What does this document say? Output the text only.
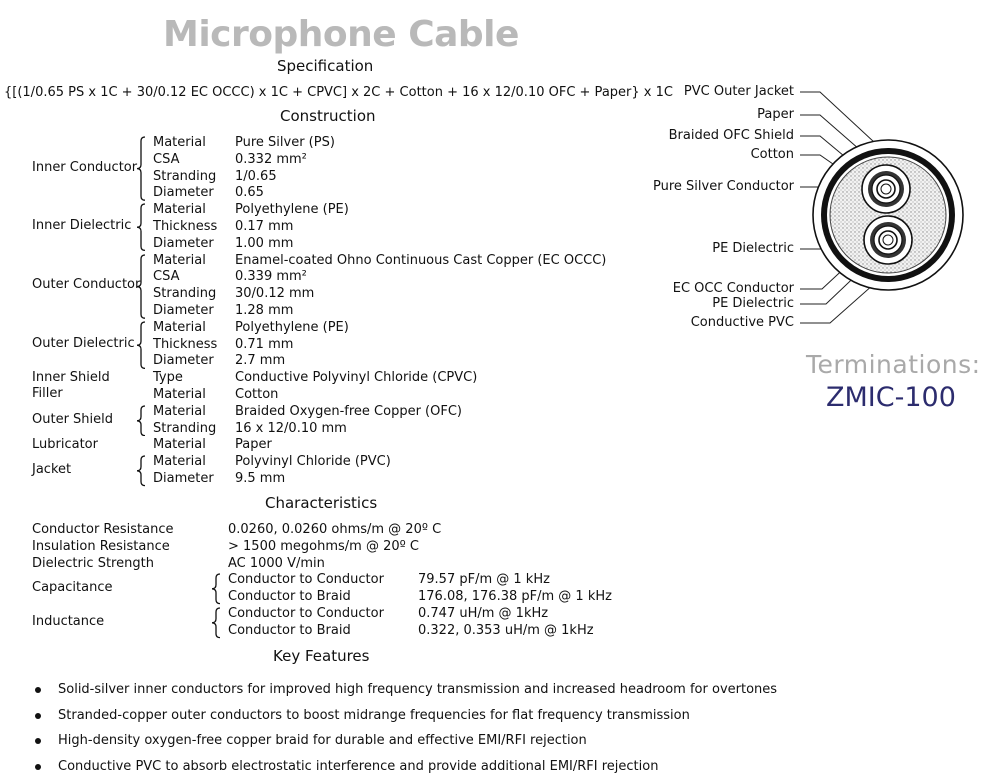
Microphone Cable
Specification
{[(1/0.65 PS x 1C + 30/0.12 EC OCCC) x 1C + CPVC] x 2C + Cotton + 16 x 12/0.10 OFC + Paper} x 1C
Construction
Inner Conductor
Material Pure Silver (PS)
CSA	0.332 mm²
Stranding 1/0.65
Diameter 0.65
Inner Dielectric
Material Polyethylene (PE)
Thickness 0.17 mm
Diameter 1.00 mm
Outer Conductor
Material Enamel-coated Ohno Continuous Cast Copper (EC OCCC)
CSA	0.339 mm²
Stranding 30/0.12 mm
Diameter 1.28 mm
Outer Dielectric
Material Polyethylene (PE)
Thickness 0.71 mm
Diameter 2.7 mm
Inner Shield	Type	Conductive Polyvinyl Chloride (CPVC)
Filler	Material Cotton
Outer Shield
Material Braided Oxygen-free Copper (OFC)
Stranding 16 x 12/0.10 mm
Lubricator	Material Paper
Jacket
Material Polyvinyl Chloride (PVC)
Diameter 9.5 mm
Characteristics
Conductor Resistance	0.0260, 0.0260 ohms/m @ 20º C
Insulation Resistance	> 1500 megohms/m @ 20º C
Dielectric Strength	AC 1000 V/min
Capacitance
Conductor to Conductor	79.57 pF/m @ 1 kHz
Conductor to Braid	176.08, 176.38 pF/m @ 1 kHz
Inductance
Conductor to Conductor	0.747 uH/m @ 1kHz
Conductor to Braid	0.322, 0.353 uH/m @ 1kHz
Key Features
Solid-silver inner conductors for improved high frequency transmission and increased headroom for overtones
Stranded-copper outer conductors to boost midrange frequencies for flat frequency transmission
High-density oxygen-free copper braid for durable and effective EMI/RFI rejection
Conductive PVC to absorb electrostatic interference and provide additional EMI/RFI rejection
PVC Outer Jacket
Paper
Braided OFC Shield
Cotton
Pure Silver Conductor
PE Dielectric
EC OCC Conductor
PE Dielectric
Conductive PVC
Terminations:
ZMIC-100
